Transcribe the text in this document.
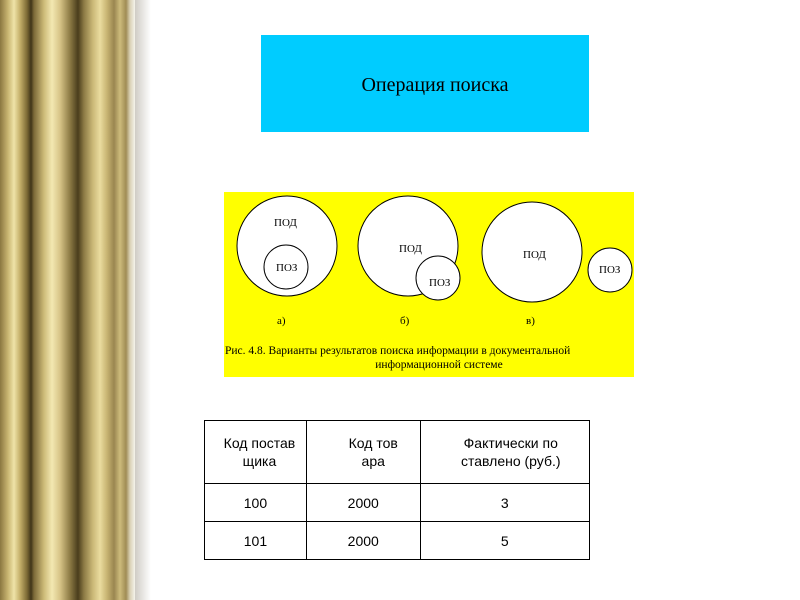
Операция поиска
ПОД
ПОЗ
ПОД
ПОЗ
ПОД
ПОЗ
а)	б)	в)
Рис. 4.8. Варианты результатов поиска информации в документальной
информационной системе
Код поставщика	Код товара	Фактически поставлено (руб.)
100	2000	3
101	2000	5
